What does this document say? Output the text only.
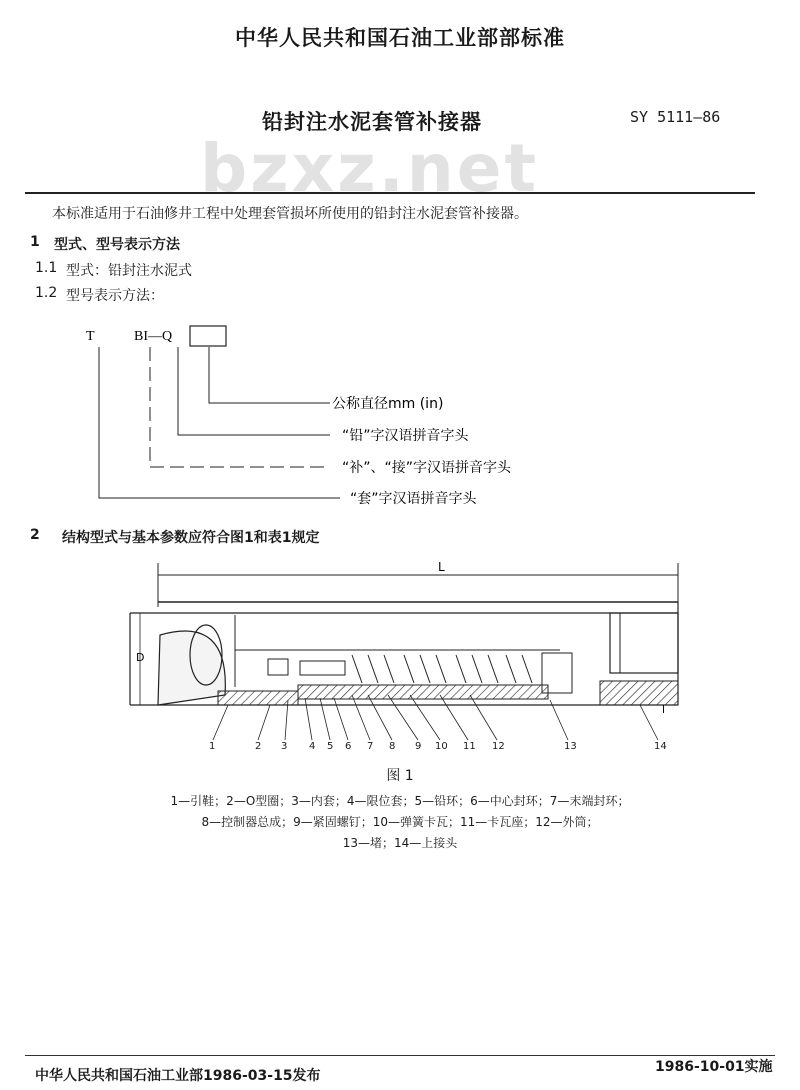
中华人民共和国石油工业部部标准
bzxz.net
铅封注水泥套管补接器	SY 5111—86
本标准适用于石油修井工程中处理套管损坏所使用的铅封注水泥套管补接器。
1 型式、型号表示方法
1.1 型式：铅封注水泥式
1.2 型号表示方法：
T	BI—Q
公称直径mm (in)
“铅”字汉语拼音字头
“补”、“接”字汉语拼音字头
“套”字汉语拼音字头
2 结构型式与基本参数应符合图1和表1规定
L
D
l
1	2 3 4 5 6 7 8 9 10 11 12	13	14
图 1
1—引鞋；2—O型圈；3—内套；4—限位套；5—铅环；6—中心封环；7—末端封环；
8—控制器总成；9—紧固螺钉；10—弹簧卡瓦；11—卡瓦座；12—外筒；
13—堵；14—上接头
中华人民共和国石油工业部1986-03-15发布
1986-10-01实施
